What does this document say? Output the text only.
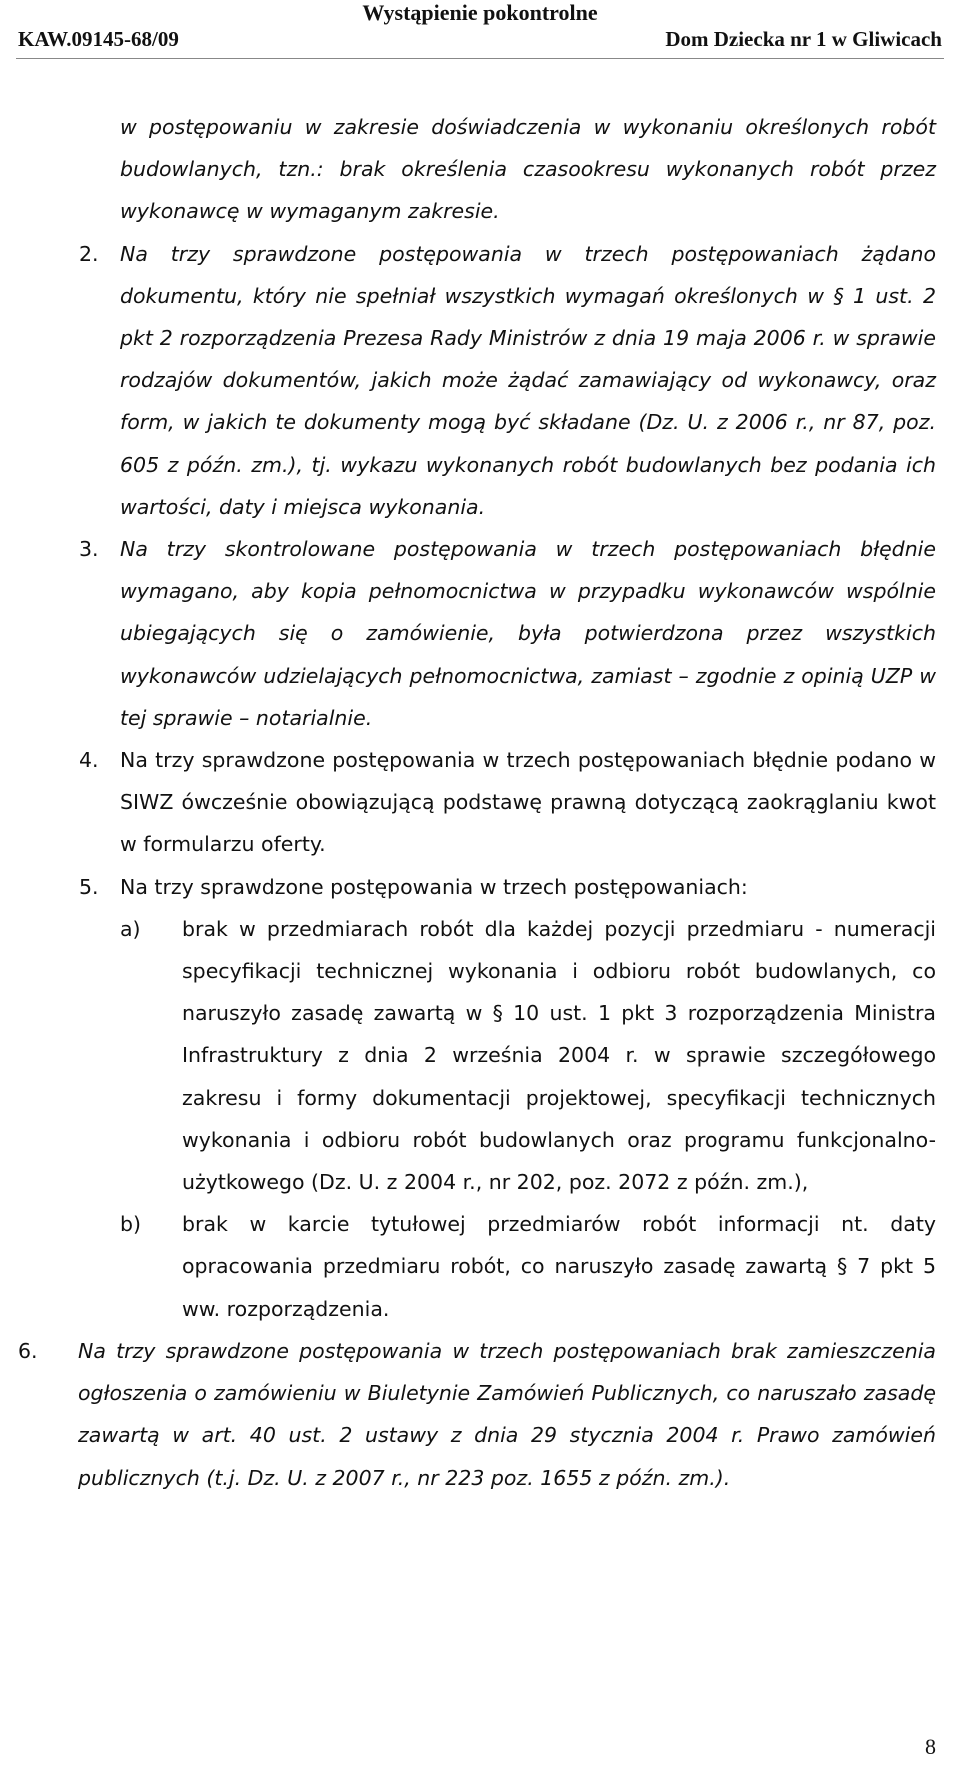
Wystąpienie pokontrolne
KAW.09145-68/09	Dom Dziecka nr 1 w Gliwicach
w postępowaniu w zakresie doświadczenia w wykonaniu określonych robót budowlanych, tzn.: brak określenia czasookresu wykonanych robót przez wykonawcę w wymaganym zakresie.
2. Na trzy sprawdzone postępowania w trzech postępowaniach żądano dokumentu, który nie spełniał wszystkich wymagań określonych w § 1 ust. 2 pkt 2 rozporządzenia Prezesa Rady Ministrów z dnia 19 maja 2006 r. w sprawie rodzajów dokumentów, jakich może żądać zamawiający od wykonawcy, oraz form, w jakich te dokumenty mogą być składane (Dz. U. z 2006 r., nr 87, poz. 605 z późn. zm.), tj. wykazu wykonanych robót budowlanych bez podania ich wartości, daty i miejsca wykonania.
3. Na trzy skontrolowane postępowania w trzech postępowaniach błędnie wymagano, aby kopia pełnomocnictwa w przypadku wykonawców wspólnie ubiegających się o zamówienie, była potwierdzona przez wszystkich wykonawców udzielających pełnomocnictwa, zamiast – zgodnie z opinią UZP w tej sprawie – notarialnie.
4. Na trzy sprawdzone postępowania w trzech postępowaniach błędnie podano w SIWZ ówcześnie obowiązującą podstawę prawną dotyczącą zaokrąglaniu kwot w formularzu oferty.
5. Na trzy sprawdzone postępowania w trzech postępowaniach:
a) brak w przedmiarach robót dla każdej pozycji przedmiaru - numeracji specyfikacji technicznej wykonania i odbioru robót budowlanych, co naruszyło zasadę zawartą w § 10 ust. 1 pkt 3 rozporządzenia Ministra Infrastruktury z dnia 2 września 2004 r. w sprawie szczegółowego zakresu i formy dokumentacji projektowej, specyfikacji technicznych wykonania i odbioru robót budowlanych oraz programu funkcjonalno-użytkowego (Dz. U. z 2004 r., nr 202, poz. 2072 z późn. zm.),
b) brak w karcie tytułowej przedmiarów robót informacji nt. daty opracowania przedmiaru robót, co naruszyło zasadę zawartą § 7 pkt 5 ww. rozporządzenia.
6. Na trzy sprawdzone postępowania w trzech postępowaniach brak zamieszczenia ogłoszenia o zamówieniu w Biuletynie Zamówień Publicznych, co naruszało zasadę zawartą w art. 40 ust. 2 ustawy z dnia 29 stycznia 2004 r. Prawo zamówień publicznych (t.j. Dz. U. z 2007 r., nr 223 poz. 1655 z późn. zm.).
8
